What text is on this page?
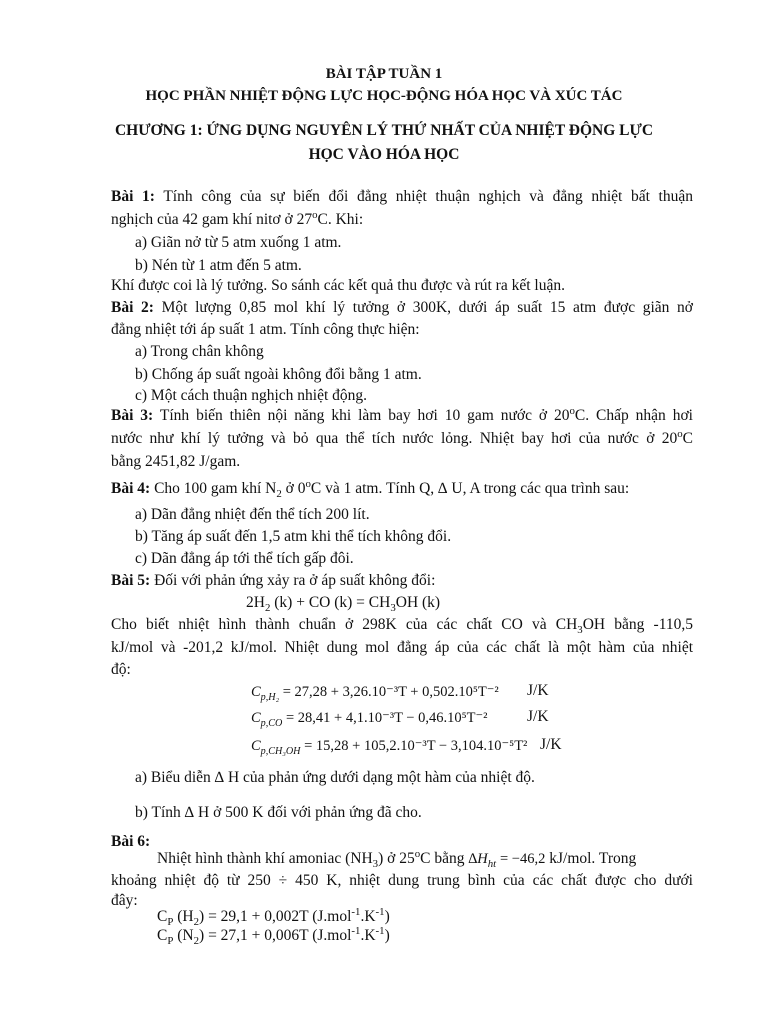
BÀI TẬP TUẦN 1
HỌC PHẦN NHIỆT ĐỘNG LỰC HỌC-ĐỘNG HÓA HỌC VÀ XÚC TÁC
CHƯƠNG 1: ỨNG DỤNG NGUYÊN LÝ THỨ NHẤT CỦA NHIỆT ĐỘNG LỰC
HỌC VÀO HÓA HỌC
Bài 1: Tính công của sự biến đổi đẳng nhiệt thuận nghịch và đẳng nhiệt bất thuận
nghịch của 42 gam khí nitơ ở 27$^o$C. Khi:
a) Giãn nở từ 5 atm xuống 1 atm.
b) Nén từ 1 atm đến 5 atm.
Khí được coi là lý tưởng. So sánh các kết quả thu được và rút ra kết luận.
Bài 2: Một lượng 0,85 mol khí lý tưởng ở 300K, dưới áp suất 15 atm được giãn nở
đẳng nhiệt tới áp suất 1 atm. Tính công thực hiện:
a) Trong chân không
b) Chống áp suất ngoài không đổi bằng 1 atm.
c) Một cách thuận nghịch nhiệt động.
Bài 3: Tính biến thiên nội năng khi làm bay hơi 10 gam nước ở 20$^o$C. Chấp nhận hơi
nước như khí lý tưởng và bỏ qua thể tích nước lỏng. Nhiệt bay hơi của nước ở 20$^o$C
bằng 2451,82 J/gam.
Bài 4: Cho 100 gam khí $N_2$ ở 0$^o$C và 1 atm. Tính Q, ∆ U, A trong các qua trình sau:
a) Dãn đẳng nhiệt đến thể tích 200 lít.
b) Tăng áp suất đến 1,5 atm khi thể tích không đổi.
c) Dãn đẳng áp tới thể tích gấp đôi.
Bài 5: Đối với phản ứng xảy ra ở áp suất không đổi:
$2H_2$ (k) + CO $(k) = CH_3OH$ (k)
Cho biết nhiệt hình thành chuẩn ở 298K của các chất CO và $CH_3OH$ bằng -110,5
kJ/mol và -201,2 kJ/mol. Nhiệt dung mol đẳng áp của các chất là một hàm của nhiệt
độ:
$C_{p,H_2} = 27,28 + 3,26.10^{-3}T + 0,502.10^5T^{-2}$ J/K
$C_{p,CO} = 28,41 + 4,1.10^{-3}T - 0,46.10^5T^{-2}$	J/K
$C_{p,CH_3OH} = 15,28 + 105,2.10^{-3}T - 3,104.10^{-5}T^2$ J/K
a) Biểu diễn ∆ H của phản ứng dưới dạng một hàm của nhiệt độ.
b) Tính ∆ H ở 500 K đối với phản ứng đã cho.
Bài 6:
Nhiệt hình thành khí amoniac $(NH_3)$ ở 25$^o$C bằng $\Delta H_{ht} = -46,2$ kJ/mol. Trong
khoảng nhiệt độ từ 250 ÷ 450 K, nhiệt dung trung bình của các chất được cho dưới
đây:
$C_P$ $(H_2) = 29,1 + 0,002T$ $(J.mol^{-1}.K^{-1})$
$C_P$ $(N_2) = 27,1 + 0,006T$ $(J.mol^{-1}.K^{-1})$
